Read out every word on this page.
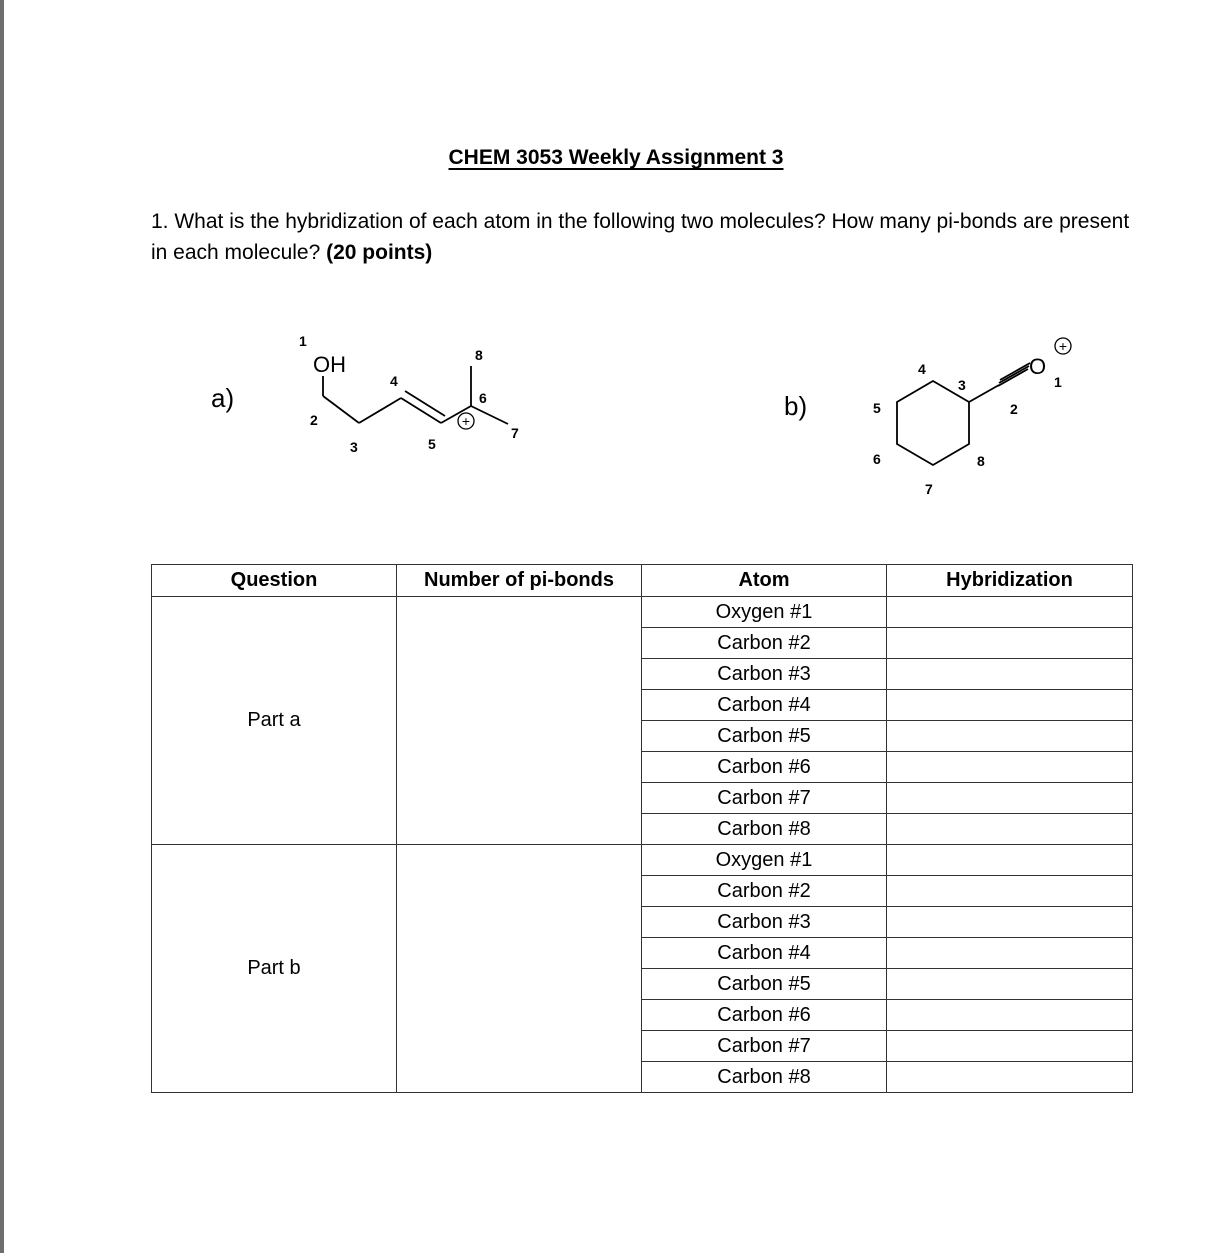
CHEM 3053 Weekly Assignment 3
1. What is the hybridization of each atom in the following two molecules? How many pi-bonds are present in each molecule? (20 points)
a)
OH
+
1
2
3
4
5
6
7
8
b)
O
+
1
2
3
4
5
6
7
8
Question	Number of pi-bonds	Atom	Hybridization
Part a		Oxygen #1	
		Carbon #2	
		Carbon #3	
		Carbon #4	
		Carbon #5	
		Carbon #6	
		Carbon #7	
		Carbon #8	
Part b		Oxygen #1	
		Carbon #2	
		Carbon #3	
		Carbon #4	
		Carbon #5	
		Carbon #6	
		Carbon #7	
		Carbon #8	
